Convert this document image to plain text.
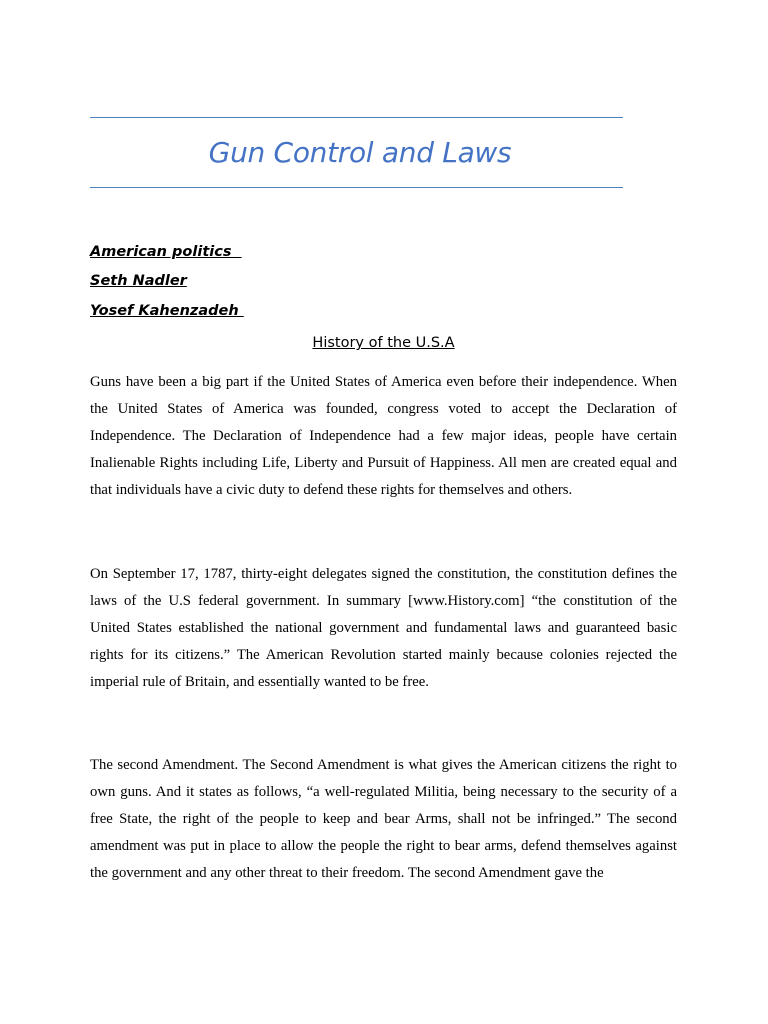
Gun Control and Laws
American politics
Seth Nadler
Yosef Kahenzadeh
History of the U.S.A

Guns have been a big part if the United States of America even before their independence. When the United States of America was founded, congress voted to accept the Declaration of Independence. The Declaration of Independence had a few major ideas, people have certain Inalienable Rights including Life, Liberty and Pursuit of Happiness. All men are created equal and that individuals have a civic duty to defend these rights for themselves and others.

On September 17, 1787, thirty-eight delegates signed the constitution, the constitution defines the laws of the U.S federal government. In summary [www.History.com] “the constitution of the United States established the national government and fundamental laws and guaranteed basic rights for its citizens.” The American Revolution started mainly because colonies rejected the imperial rule of Britain, and essentially wanted to be free.

The second Amendment. The Second Amendment is what gives the American citizens the right to own guns. And it states as follows, “a well-regulated Militia, being necessary to the security of a free State, the right of the people to keep and bear Arms, shall not be infringed.” The second amendment was put in place to allow the people the right to bear arms, defend themselves against the government and any other threat to their freedom. The second Amendment gave the
